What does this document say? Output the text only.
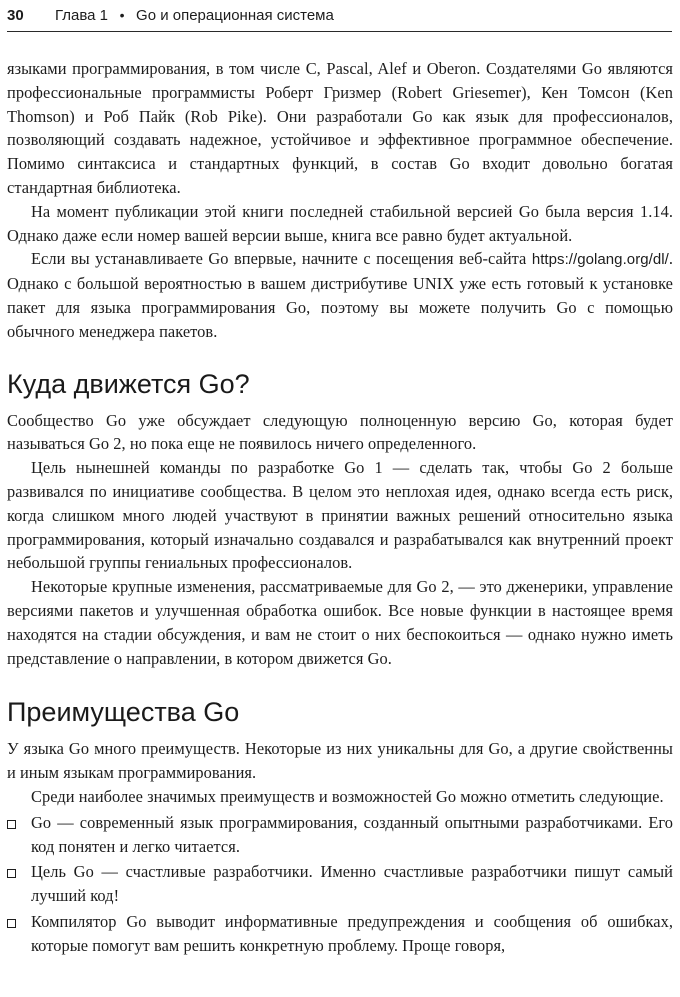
30 Глава 1 • Go и операционная система

языками программирования, в том числе C, Pascal, Alef и Oberon. Создателями Go являются профессиональные программисты Роберт Гризмер (Robert Griesemer), Кен Томсон (Ken Thomson) и Роб Пайк (Rob Pike). Они разработали Go как язык для профессионалов, позволяющий создавать надежное, устойчивое и эффективное программное обеспечение. Помимо синтаксиса и стандартных функций, в состав Go входит довольно богатая стандартная библиотека.

На момент публикации этой книги последней стабильной версией Go была версия 1.14. Однако даже если номер вашей версии выше, книга все равно будет актуальной.

Если вы устанавливаете Go впервые, начните с посещения веб-сайта https://golang.org/dl/. Однако с большой вероятностью в вашем дистрибутиве UNIX уже есть готовый к установке пакет для языка программирования Go, поэтому вы можете получить Go с помощью обычного менеджера пакетов.

Куда движется Go?

Сообщество Go уже обсуждает следующую полноценную версию Go, которая будет называться Go 2, но пока еще не появилось ничего определенного.

Цель нынешней команды по разработке Go 1 — сделать так, чтобы Go 2 больше развивался по инициативе сообщества. В целом это неплохая идея, однако всегда есть риск, когда слишком много людей участвуют в принятии важных решений относительно языка программирования, который изначально создавался и разрабатывался как внутренний проект небольшой группы гениальных профессионалов.

Некоторые крупные изменения, рассматриваемые для Go 2, — это дженерики, управление версиями пакетов и улучшенная обработка ошибок. Все новые функции в настоящее время находятся на стадии обсуждения, и вам не стоит о них беспокоиться — однако нужно иметь представление о направлении, в котором движется Go.

Преимущества Go

У языка Go много преимуществ. Некоторые из них уникальны для Go, а другие свойственны и иным языкам программирования.

Среди наиболее значимых преимуществ и возможностей Go можно отметить следующие.

Go — современный язык программирования, созданный опытными разработчиками. Его код понятен и легко читается.

Цель Go — счастливые разработчики. Именно счастливые разработчики пишут самый лучший код!

Компилятор Go выводит информативные предупреждения и сообщения об ошибках, которые помогут вам решить конкретную проблему. Проще говоря,
